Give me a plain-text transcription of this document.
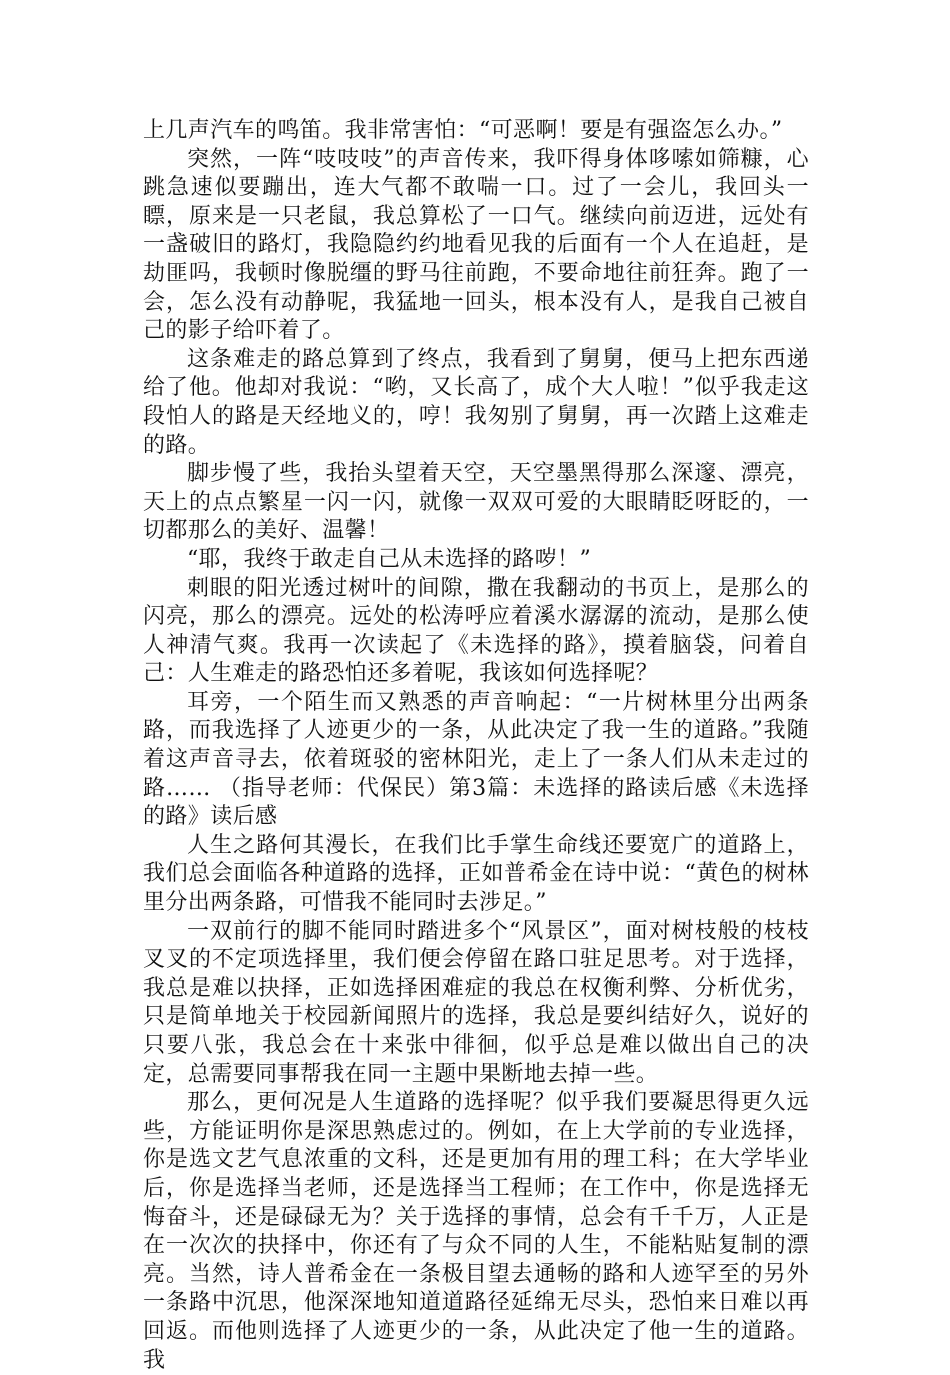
上几声汽车的鸣笛。我非常害怕：“可恶啊！要是有强盗怎么办。”

突然，一阵“吱吱吱”的声音传来，我吓得身体哆嗦如筛糠，心跳急速似要蹦出，连大气都不敢喘一口。过了一会儿，我回头一瞟，原来是一只老鼠，我总算松了一口气。继续向前迈进，远处有一盏破旧的路灯，我隐隐约约地看见我的后面有一个人在追赶，是劫匪吗，我顿时像脱缰的野马往前跑，不要命地往前狂奔。跑了一会，怎么没有动静呢，我猛地一回头，根本没有人，是我自己被自己的影子给吓着了。

这条难走的路总算到了终点，我看到了舅舅，便马上把东西递给了他。他却对我说：“哟，又长高了，成个大人啦！”似乎我走这段怕人的路是天经地义的，哼！我匆别了舅舅，再一次踏上这难走的路。

脚步慢了些，我抬头望着天空，天空墨黑得那么深邃、漂亮，天上的点点繁星一闪一闪，就像一双双可爱的大眼睛眨呀眨的，一切都那么的美好、温馨！

“耶，我终于敢走自己从未选择的路哕！”

刺眼的阳光透过树叶的间隙，撒在我翻动的书页上，是那么的闪亮，那么的漂亮。远处的松涛呼应着溪水潺潺的流动，是那么使人神清气爽。我再一次读起了《未选择的路》，摸着脑袋，问着自己：人生难走的路恐怕还多着呢，我该如何选择呢？

耳旁，一个陌生而又熟悉的声音响起：“一片树林里分出两条路，而我选择了人迹更少的一条，从此决定了我一生的道路。”我随着这声音寻去，依着斑驳的密林阳光，走上了一条人们从未走过的路…… （指导老师：代保民）第3篇：未选择的路读后感《未选择的路》读后感

人生之路何其漫长，在我们比手掌生命线还要宽广的道路上，我们总会面临各种道路的选择，正如普希金在诗中说：“黄色的树林里分出两条路，可惜我不能同时去涉足。”

一双前行的脚不能同时踏进多个“风景区”，面对树枝般的枝枝叉叉的不定项选择里，我们便会停留在路口驻足思考。对于选择，我总是难以抉择，正如选择困难症的我总在权衡利弊、分析优劣，只是简单地关于校园新闻照片的选择，我总是要纠结好久，说好的只要八张，我总会在十来张中徘徊，似乎总是难以做出自己的决定，总需要同事帮我在同一主题中果断地去掉一些。

那么，更何况是人生道路的选择呢？似乎我们要凝思得更久远些，方能证明你是深思熟虑过的。例如，在上大学前的专业选择，你是选文艺气息浓重的文科，还是更加有用的理工科；在大学毕业后，你是选择当老师，还是选择当工程师；在工作中，你是选择无悔奋斗，还是碌碌无为？关于选择的事情，总会有千千万，人正是在一次次的抉择中，你还有了与众不同的人生，不能粘贴复制的漂亮。当然，诗人普希金在一条极目望去通畅的路和人迹罕至的另外一条路中沉思，他深深地知道道路径延绵无尽头，恐怕来日难以再回返。而他则选择了人迹更少的一条，从此决定了他一生的道路。我
